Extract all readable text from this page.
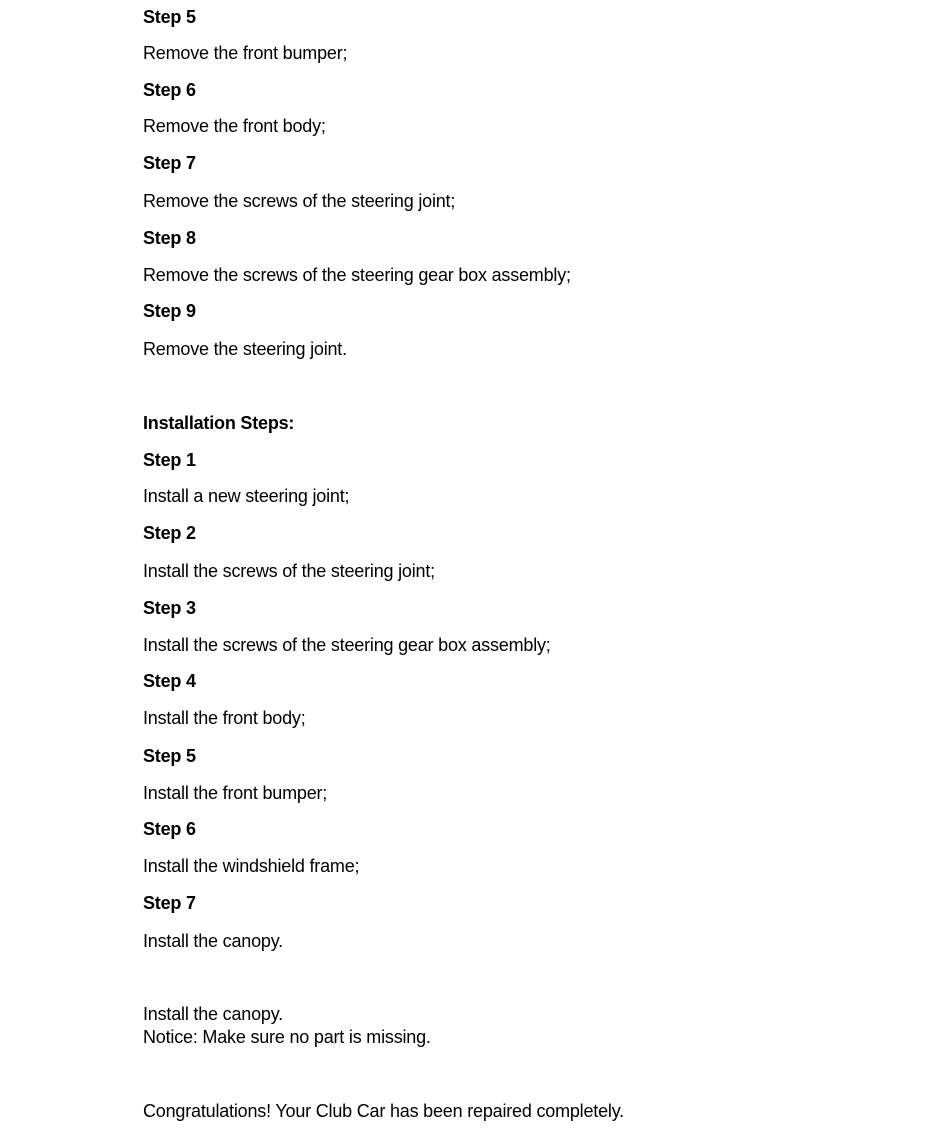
Step 5
Remove the front bumper;
Step 6
Remove the front body;
Step 7
Remove the screws of the steering joint;
Step 8
Remove the screws of the steering gear box assembly;
Step 9
Remove the steering joint.
Installation Steps:
Step 1
Install a new steering joint;
Step 2
Install the screws of the steering joint;
Step 3
Install the screws of the steering gear box assembly;
Step 4
Install the front body;
Step 5
Install the front bumper;
Step 6
Install the windshield frame;
Step 7
Install the canopy.
Install the canopy.
Notice: Make sure no part is missing.
Congratulations! Your Club Car has been repaired completely.
